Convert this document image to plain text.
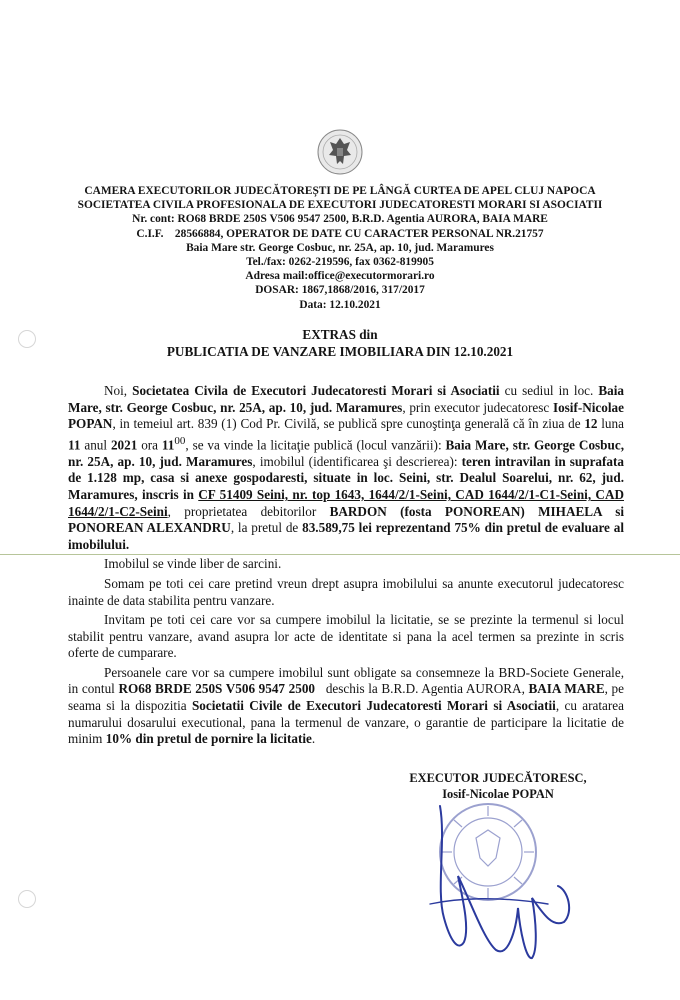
CAMERA EXECUTORILOR JUDECĂTOREȘTI DE PE LÂNGĂ CURTEA DE APEL CLUJ NAPOCA
SOCIETATEA CIVILA PROFESIONALA DE EXECUTORI JUDECATORESTI MORARI SI ASOCIATII
Nr. cont: RO68 BRDE 250S V506 9547 2500, B.R.D. Agentia AURORA, BAIA MARE
C.I.F.    28566884, OPERATOR DE DATE CU CARACTER PERSONAL NR.21757
Baia Mare str. George Cosbuc, nr. 25A, ap. 10, jud. Maramures
Tel./fax: 0262-219596, fax 0362-819905
Adresa mail:office@executormorari.ro
DOSAR: 1867,1868/2016, 317/2017
Data: 12.10.2021
EXTRAS din
PUBLICATIA DE VANZARE IMOBILIARA DIN 12.10.2021

Noi, Societatea Civila de Executori Judecatoresti Morari si Asociatii cu sediul in loc. Baia Mare, str. George Cosbuc, nr. 25A, ap. 10, jud. Maramures, prin executor judecatoresc Iosif-Nicolae POPAN, in temeiul art. 839 (1) Cod Pr. Civilă, se publică spre cunoştinţa generală că în ziua de 12 luna 11 anul 2021 ora $11^{00}$, se va vinde la licitaţie publică (locul vanzării): Baia Mare, str. George Cosbuc, nr. 25A, ap. 10, jud. Maramures, imobilul (identificarea şi descrierea): teren intravilan in suprafata de 1.128 mp, casa si anexe gospodaresti, situate in loc. Seini, str. Dealul Soarelui, nr. 62, jud. Maramures, inscris in CF 51409 Seini, nr. top 1643, 1644/2/1-Seini, CAD 1644/2/1-C1-Seini, CAD 1644/2/1-C2-Seini, proprietatea debitorilor BARDON (fosta PONOREAN) MIHAELA si PONOREAN ALEXANDRU, la pretul de 83.589,75 lei reprezentand 75% din pretul de evaluare al imobilului.

Imobilul se vinde liber de sarcini.

Somam pe toti cei care pretind vreun drept asupra imobilului sa anunte executorul judecatoresc inainte de data stabilita pentru vanzare.

Invitam pe toti cei care vor sa cumpere imobilul la licitatie, se se prezinte la termenul si locul stabilit pentru vanzare, avand asupra lor acte de identitate si pana la acel termen sa prezinte in scris oferte de cumparare.

Persoanele care vor sa cumpere imobilul sunt obligate sa consemneze la BRD-Societe Generale, in contul RO68 BRDE 250S V506 9547 2500   deschis la B.R.D. Agentia AURORA, BAIA MARE, pe seama si la dispozitia Societatii Civile de Executori Judecatoresti Morari si Asociatii, cu aratarea numarului dosarului executional, pana la termenul de vanzare, o garantie de participare la licitatie de minim 10% din pretul de pornire la licitatie.

EXECUTOR JUDECĂTORESC,
Iosif-Nicolae POPAN
